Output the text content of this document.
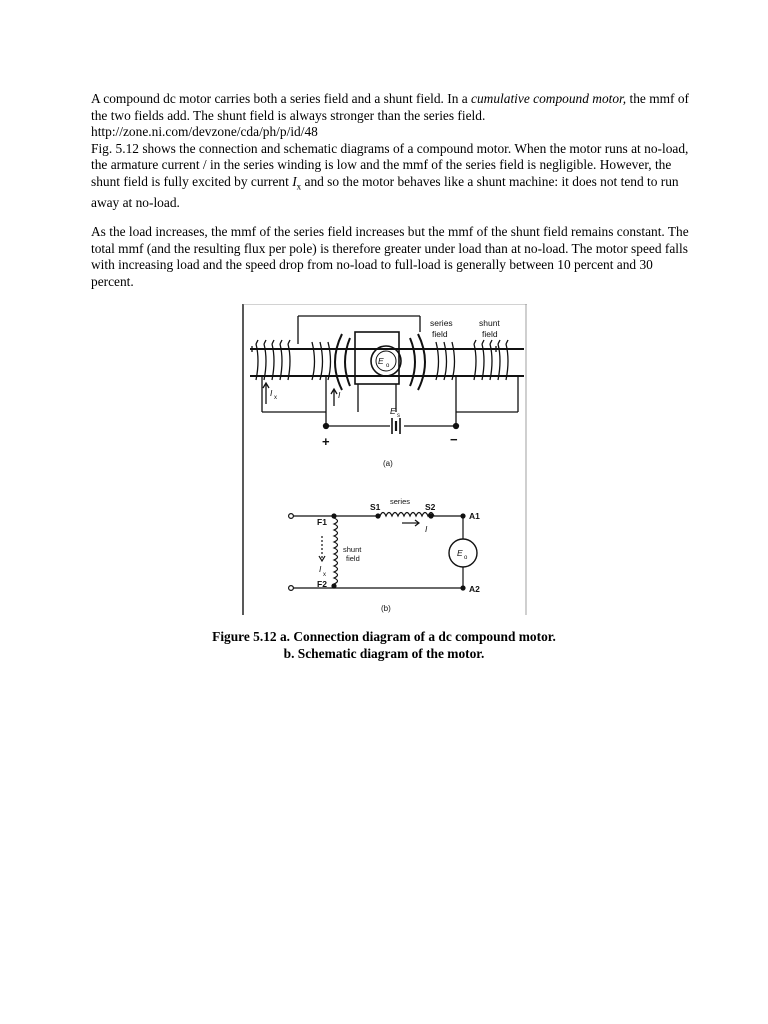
A compound dc motor carries both a series field and a shunt field. In a cumulative compound motor, the mmf of the two fields add. The shunt field is always stronger than the series field.
http://zone.ni.com/devzone/cda/ph/p/id/48
Fig. 5.12 shows the connection and schematic diagrams of a compound motor. When the motor runs at no-load, the armature current / in the series winding is low and the mmf of the series field is negligible. However, the shunt field is fully excited by current $I_x$ and so the motor behaves like a shunt machine: it does not tend to run away at no-load.

As the load increases, the mmf of the series field increases but the mmf of the shunt field remains constant. The total mmf (and the resulting flux per pole) is therefore greater under load than at no-load. The motor speed falls with increasing load and the speed drop from no-load to full-load is generally between 10 percent and 30 percent.

series
field
shunt
field
E o
E s
I x	I
+	−
(a)
S1
series
S2
A1
A2
F1
F2
shunt
field
I
I
x
E o
(b)
Figure 5.12 a. Connection diagram of a dc compound motor.
b. Schematic diagram of the motor.
